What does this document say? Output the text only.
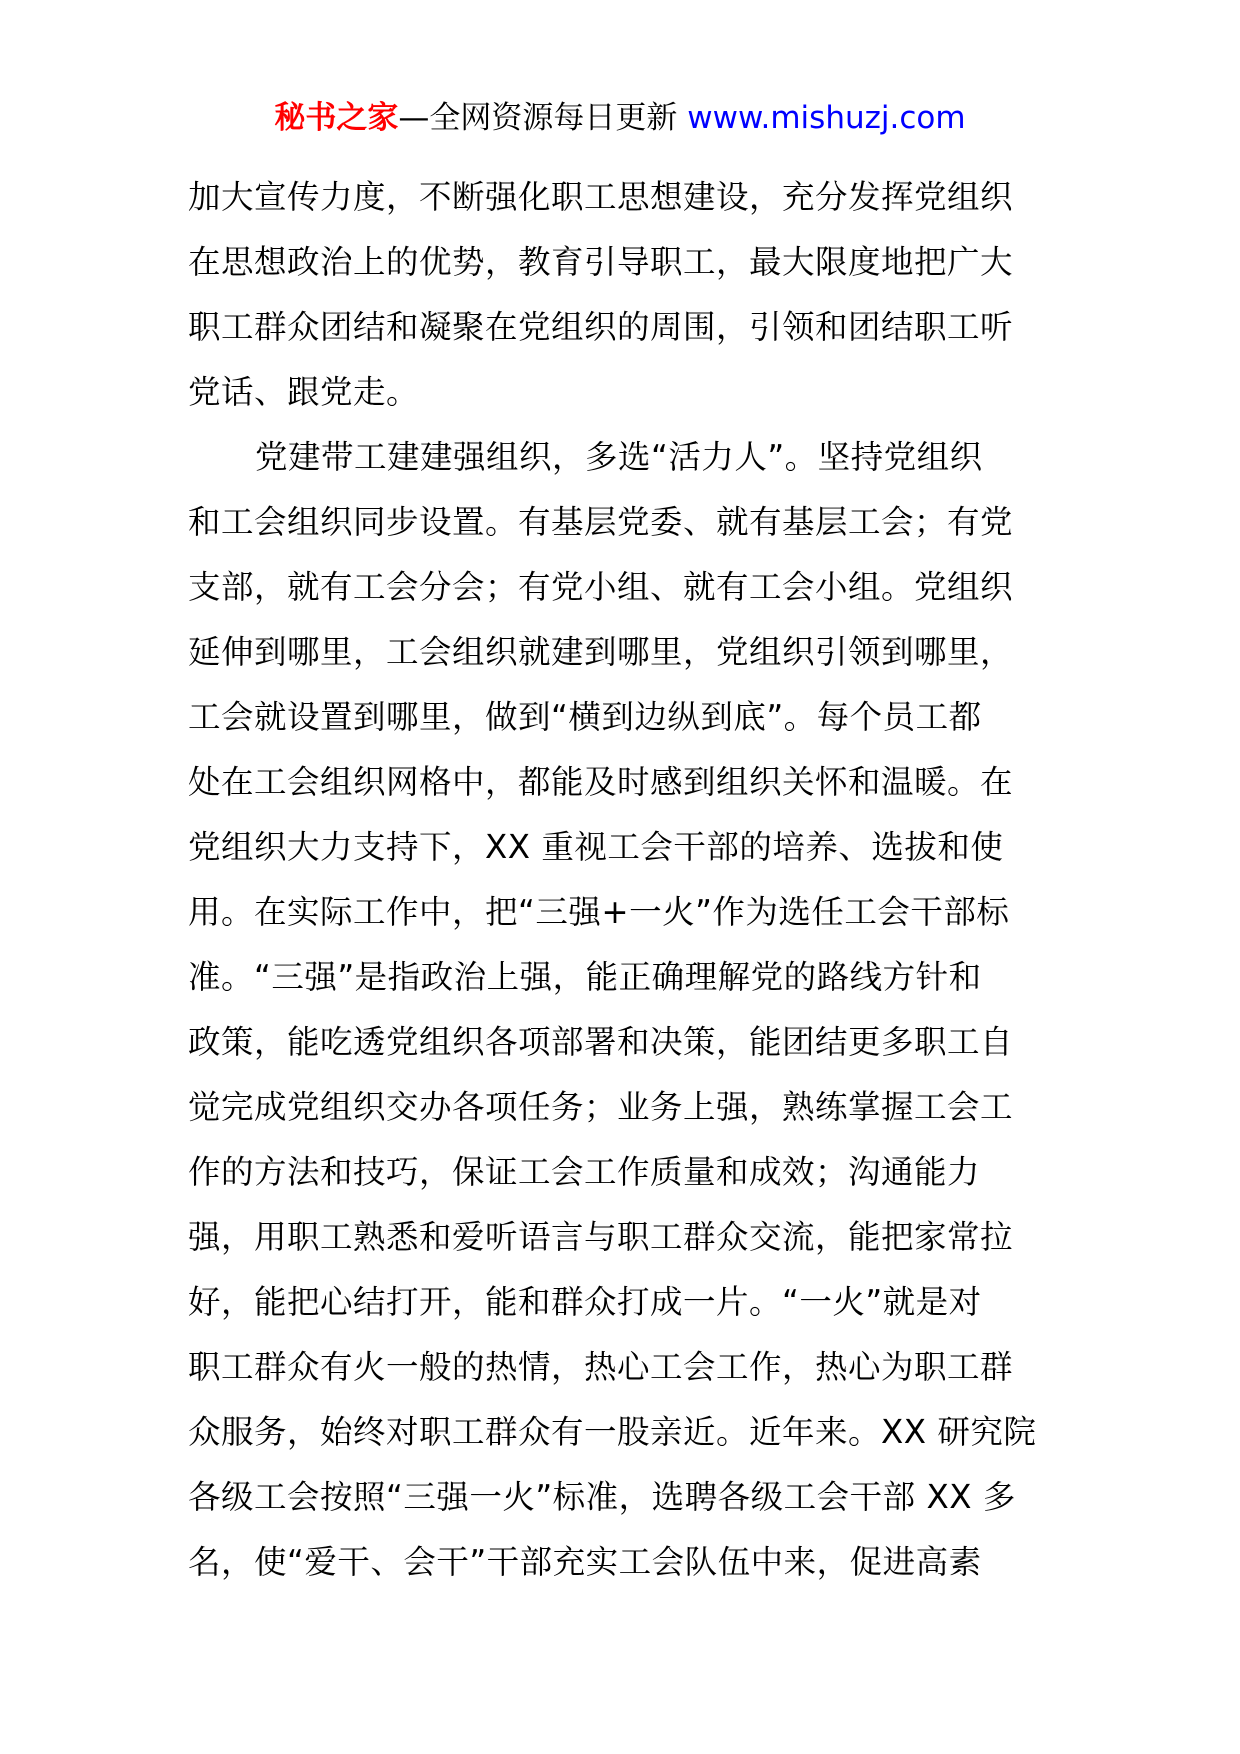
秘书之家—全网资源每日更新 www.mishuzj.com
加大宣传力度，不断强化职工思想建设，充分发挥党组织
在思想政治上的优势，教育引导职工，最大限度地把广大
职工群众团结和凝聚在党组织的周围，引领和团结职工听
党话、跟党走。
党建带工建建强组织，多选“活力人”。坚持党组织
和工会组织同步设置。有基层党委、就有基层工会；有党
支部，就有工会分会；有党小组、就有工会小组。党组织
延伸到哪里，工会组织就建到哪里，党组织引领到哪里，
工会就设置到哪里，做到“横到边纵到底”。每个员工都
处在工会组织网格中，都能及时感到组织关怀和温暖。在
党组织大力支持下，XX 重视工会干部的培养、选拔和使
用。在实际工作中，把“三强+一火”作为选任工会干部标
准。“三强”是指政治上强，能正确理解党的路线方针和
政策，能吃透党组织各项部署和决策，能团结更多职工自
觉完成党组织交办各项任务；业务上强，熟练掌握工会工
作的方法和技巧，保证工会工作质量和成效；沟通能力
强，用职工熟悉和爱听语言与职工群众交流，能把家常拉
好，能把心结打开，能和群众打成一片。“一火”就是对
职工群众有火一般的热情，热心工会工作，热心为职工群
众服务，始终对职工群众有一股亲近。近年来。XX 研究院
各级工会按照“三强一火”标准，选聘各级工会干部 XX 多
名，使“爱干、会干”干部充实工会队伍中来，促进高素
